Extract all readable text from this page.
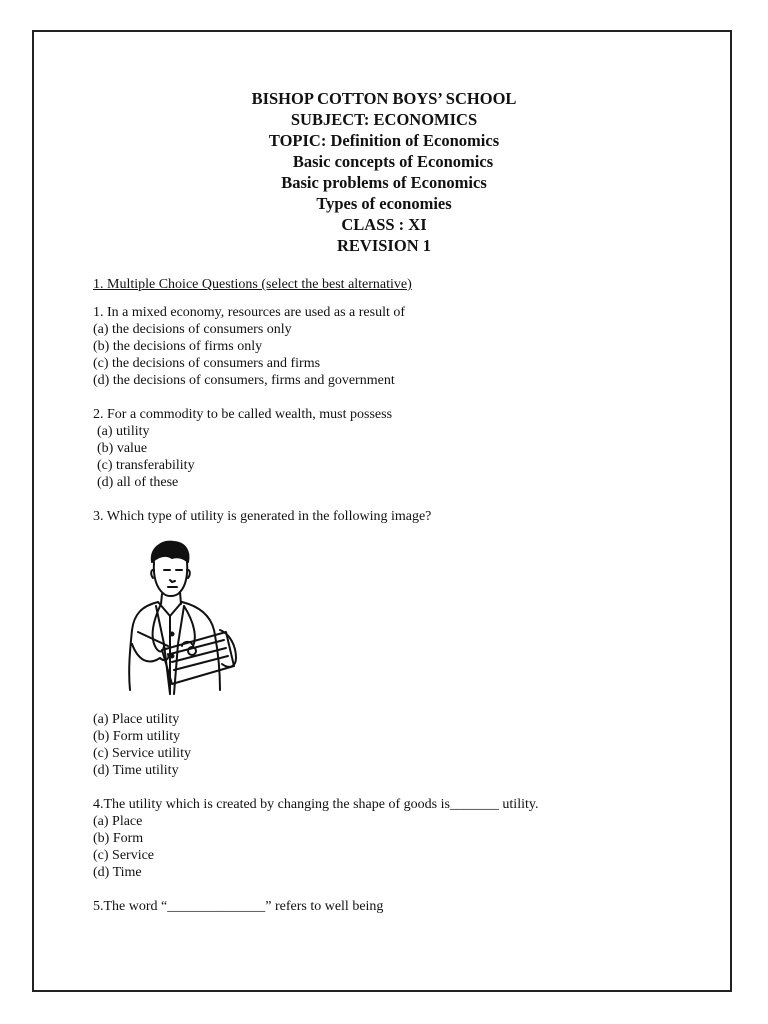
BISHOP COTTON BOYS’ SCHOOL
SUBJECT: ECONOMICS
TOPIC: Definition of Economics
Basic concepts of Economics
Basic problems of Economics
Types of economies
CLASS : XI
REVISION 1
1. Multiple Choice Questions (select the best alternative)
1. In a mixed economy, resources are used as a result of
(a) the decisions of consumers only
(b) the decisions of firms only
(c) the decisions of consumers and firms
(d) the decisions of consumers, firms and government
2. For a commodity to be called wealth, must possess
(a) utility
(b) value
(c) transferability
(d) all of these
3. Which type of utility is generated in the following image?
(a) Place utility
(b) Form utility
(c) Service utility
(d) Time utility
4.The utility which is created by changing the shape of goods is_______ utility.
(a) Place
(b) Form
(c) Service
(d) Time
5.The word “______________” refers to well being
